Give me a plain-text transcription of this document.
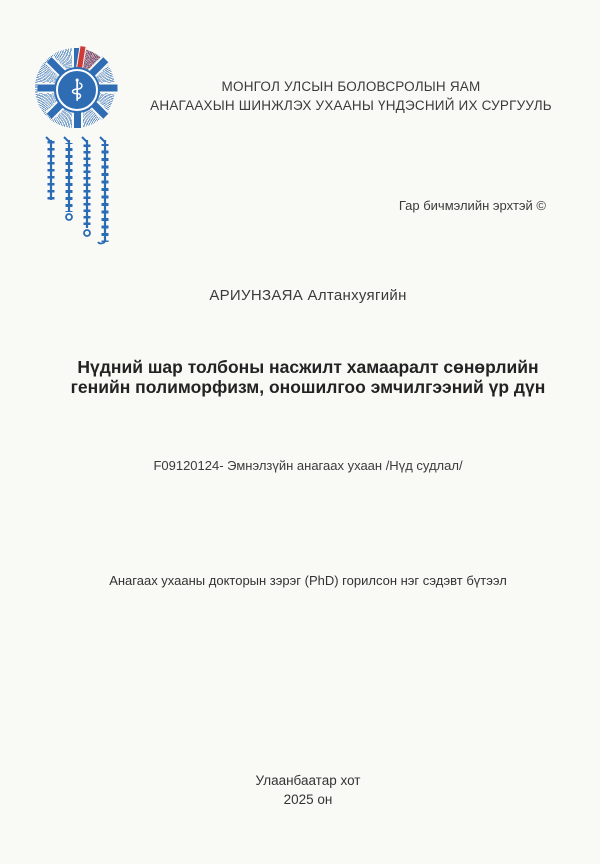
МОНГОЛ УЛСЫН БОЛОВСРОЛЫН ЯАМ
АНАГААХЫН ШИНЖЛЭХ УХААНЫ ҮНДЭСНИЙ ИХ СУРГУУЛЬ
Гар бичмэлийн эрхтэй ©
АРИУНЗАЯА Алтанхуягийн
Нүдний шар толбоны насжилт хамааралт сөнөрлийн
генийн полиморфизм, оношилгоо эмчилгээний үр дүн
F09120124- Эмнэлзүйн анагаах ухаан /Нүд судлал/
Анагаах ухааны докторын зэрэг (PhD) горилсон нэг сэдэвт бүтээл
Улаанбаатар хот
2025 он
